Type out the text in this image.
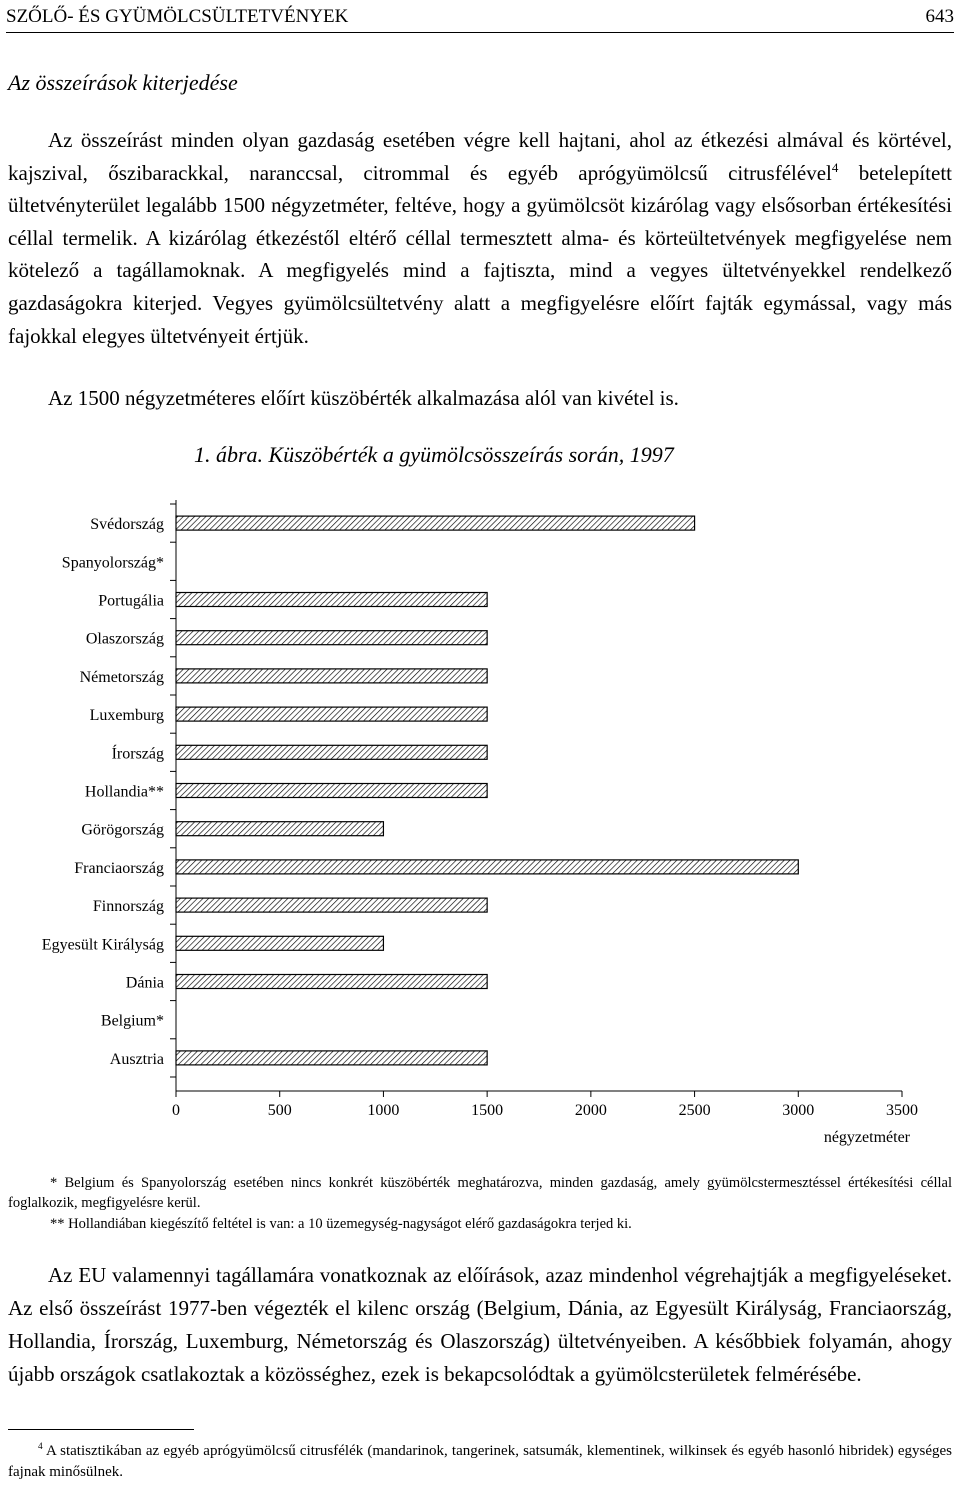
SZŐLŐ- ÉS GYÜMÖLCSÜLTETVÉNYEK	643
Az összeírások kiterjedése

Az összeírást minden olyan gazdaság esetében végre kell hajtani, ahol az étkezési almával és körtével, kajszival, őszibarackkal, naranccsal, citrommal és egyéb aprógyümölcsű citrusfélével$^4$ betelepített ültetvényterület legalább 1500 négyzetméter, feltéve, hogy a gyümölcsöt kizárólag vagy elsősorban értékesítési céllal termelik. A kizárólag étkezéstől eltérő céllal termesztett alma- és körteültetvények megfigyelése nem kötelező a tagállamoknak. A megfigyelés mind a fajtiszta, mind a vegyes ültetvényekkel rendelkező gazdaságokra kiterjed. Vegyes gyümölcsültetvény alatt a megfigyelésre előírt fajták egymással, vagy más fajokkal elegyes ültetvényeit értjük.

Az 1500 négyzetméteres előírt küszöbérték alkalmazása alól van kivétel is.
1. ábra. Küszöbérték a gyümölcsösszeírás során, 1997
Svédország
Spanyolország*
Portugália
Olaszország
Németország
Luxemburg
Írország
Hollandia**
Görögország
Franciaország
Finnország
Egyesült Királyság
Dánia
Belgium*
Ausztria
0	500	1000	1500	2000	2500	3000	3500
négyzetméter

* Belgium és Spanyolország esetében nincs konkrét küszöbérték meghatározva, minden gazdaság, amely gyümölcstermesztéssel értékesítési céllal foglalkozik, megfigyelésre kerül.

** Hollandiában kiegészítő feltétel is van: a 10 üzemegység-nagyságot elérő gazdaságokra terjed ki.

Az EU valamennyi tagállamára vonatkoznak az előírások, azaz mindenhol végrehajtják a megfigyeléseket. Az első összeírást 1977-ben végezték el kilenc ország (Belgium, Dánia, az Egyesült Királyság, Franciaország, Hollandia, Írország, Luxemburg, Németország és Olaszország) ültetvényeiben. A későbbiek folyamán, ahogy újabb országok csatlakoztak a közösséghez, ezek is bekapcsolódtak a gyümölcsterületek felmérésébe.

$^4$ A statisztikában az egyéb aprógyümölcsű citrusfélék (mandarinok, tangerinek, satsumák, klementinek, wilkinsek és egyéb hasonló hibridek) egységes fajnak minősülnek.
